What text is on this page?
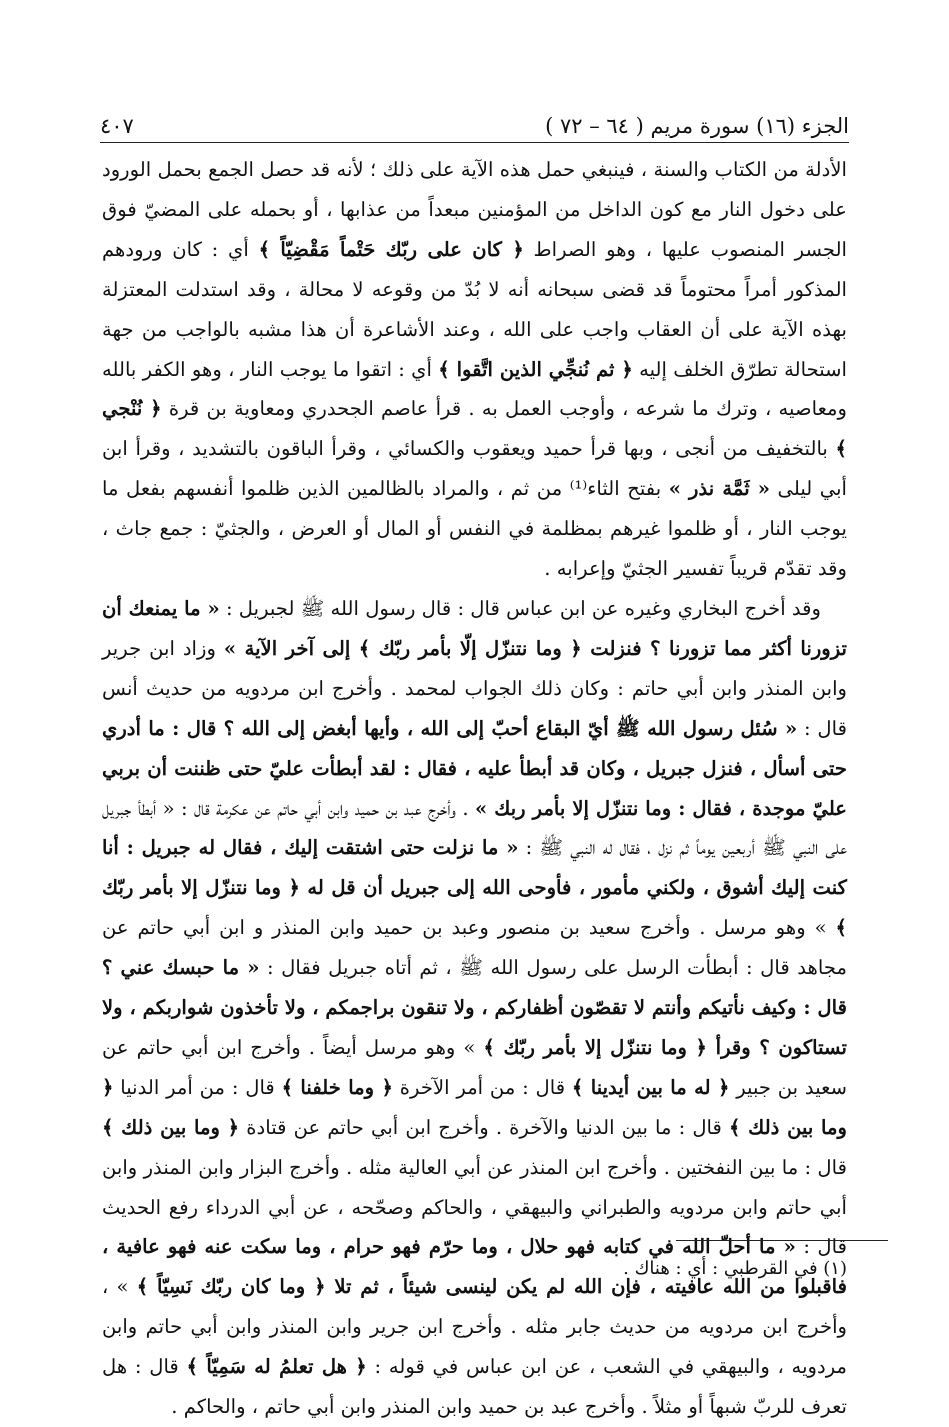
الجزء (١٦) سورة مريم ( ٦٤ – ٧٢ )
٤٠٧

الأدلة من الكتاب والسنة ، فينبغي حمل هذه الآية على ذلك ؛ لأنه قد حصل الجمع بحمل الورود على دخول النار مع كون الداخل من المؤمنين مبعداً من عذابها ، أو بحمله على المضيّ فوق الجسر المنصوب عليها ، وهو الصراط ﴿ كان على ربّك حَتْماً مَقْضِيّاً ﴾ أي : كان ورودهم المذكور أمراً محتوماً قد قضى سبحانه أنه لا بُدّ من وقوعه لا محالة ، وقد استدلت المعتزلة بهذه الآية على أن العقاب واجب على الله ، وعند الأشاعرة أن هذا مشبه بالواجب من جهة استحالة تطرّق الخلف إليه ﴿ ثم نُنجِّي الذين اتَّقوا ﴾ أي : اتقوا ما يوجب النار ، وهو الكفر بالله ومعاصيه ، وترك ما شرعه ، وأوجب العمل به . قرأ عاصم الجحدري ومعاوية بن قرة ﴿ نُنْجي ﴾ بالتخفيف من أنجى ، وبها قرأ حميد ويعقوب والكسائي ، وقرأ الباقون بالتشديد ، وقرأ ابن أبي ليلى « ثَمَّة نذر » بفتح الثاء⁽¹⁾ من ثم ، والمراد بالظالمين الذين ظلموا أنفسهم بفعل ما يوجب النار ، أو ظلموا غيرهم بمظلمة في النفس أو المال أو العرض ، والجثيّ : جمع جاث ، وقد تقدّم قريباً تفسير الجثيّ وإعرابه .

وقد أخرج البخاري وغيره عن ابن عباس قال : قال رسول الله ﷺ لجبريل : « ما يمنعك أن تزورنا أكثر مما تزورنا ؟ فنزلت ﴿ وما نتنزّل إلّا بأمر ربّك ﴾ إلى آخر الآية » وزاد ابن جرير وابن المنذر وابن أبي حاتم : وكان ذلك الجواب لمحمد . وأخرج ابن مردويه من حديث أنس قال : « سُئل رسول الله ﷺ أيّ البقاع أحبّ إلى الله ، وأيها أبغض إلى الله ؟ قال : ما أدري حتى أسأل ، فنزل جبريل ، وكان قد أبطأ عليه ، فقال : لقد أبطأت عليّ حتى ظننت أن بربي عليّ موجدة ، فقال : وما نتنزّل إلا بأمر ربك » . وأخرج عبد بن حميد وابن أبي حاتم عن عكرمة قال : « أبطأ جبريل على النبي ﷺ أربعين يوماً ثم نزل ، فقال له النبي ﷺ : « ما نزلت حتى اشتقت إليك ، فقال له جبريل : أنا كنت إليك أشوق ، ولكني مأمور ، فأوحى الله إلى جبريل أن قل له ﴿ وما نتنزّل إلا بأمر ربّك ﴾ » وهو مرسل . وأخرج سعيد بن منصور وعبد بن حميد وابن المنذر و ابن أبي حاتم عن مجاهد قال : أبطأت الرسل على رسول الله ﷺ ، ثم أتاه جبريل فقال : « ما حبسك عني ؟ قال : وكيف نأتيكم وأنتم لا تقصّون أظفاركم ، ولا تنقون براجمكم ، ولا تأخذون شواربكم ، ولا تستاكون ؟ وقرأ ﴿ وما نتنزّل إلا بأمر ربّك ﴾ » وهو مرسل أيضاً . وأخرج ابن أبي حاتم عن سعيد بن جبير ﴿ له ما بين أيدينا ﴾ قال : من أمر الآخرة ﴿ وما خلفنا ﴾ قال : من أمر الدنيا ﴿ وما بين ذلك ﴾ قال : ما بين الدنيا والآخرة . وأخرج ابن أبي حاتم عن قتادة ﴿ وما بين ذلك ﴾ قال : ما بين النفختين . وأخرج ابن المنذر عن أبي العالية مثله . وأخرج البزار وابن المنذر وابن أبي حاتم وابن مردويه والطبراني والبيهقي ، والحاكم وصحّحه ، عن أبي الدرداء رفع الحديث قال : « ما أحلّ الله في كتابه فهو حلال ، وما حرّم فهو حرام ، وما سكت عنه فهو عافية ، فاقبلوا من الله عافيته ، فإن الله لم يكن لينسى شيئاً ، ثم تلا ﴿ وما كان ربّك نَسِيّاً ﴾ » ، وأخرج ابن مردويه من حديث جابر مثله . وأخرج ابن جرير وابن المنذر وابن أبي حاتم وابن مردويه ، والبيهقي في الشعب ، عن ابن عباس في قوله : ﴿ هل تعلمُ له سَمِيّاً ﴾ قال : هل تعرف للربّ شبهاً أو مثلاً . وأخرج عبد بن حميد وابن المنذر وابن أبي حاتم ، والحاكم .

(١) في القرطبي : أي : هناك .
